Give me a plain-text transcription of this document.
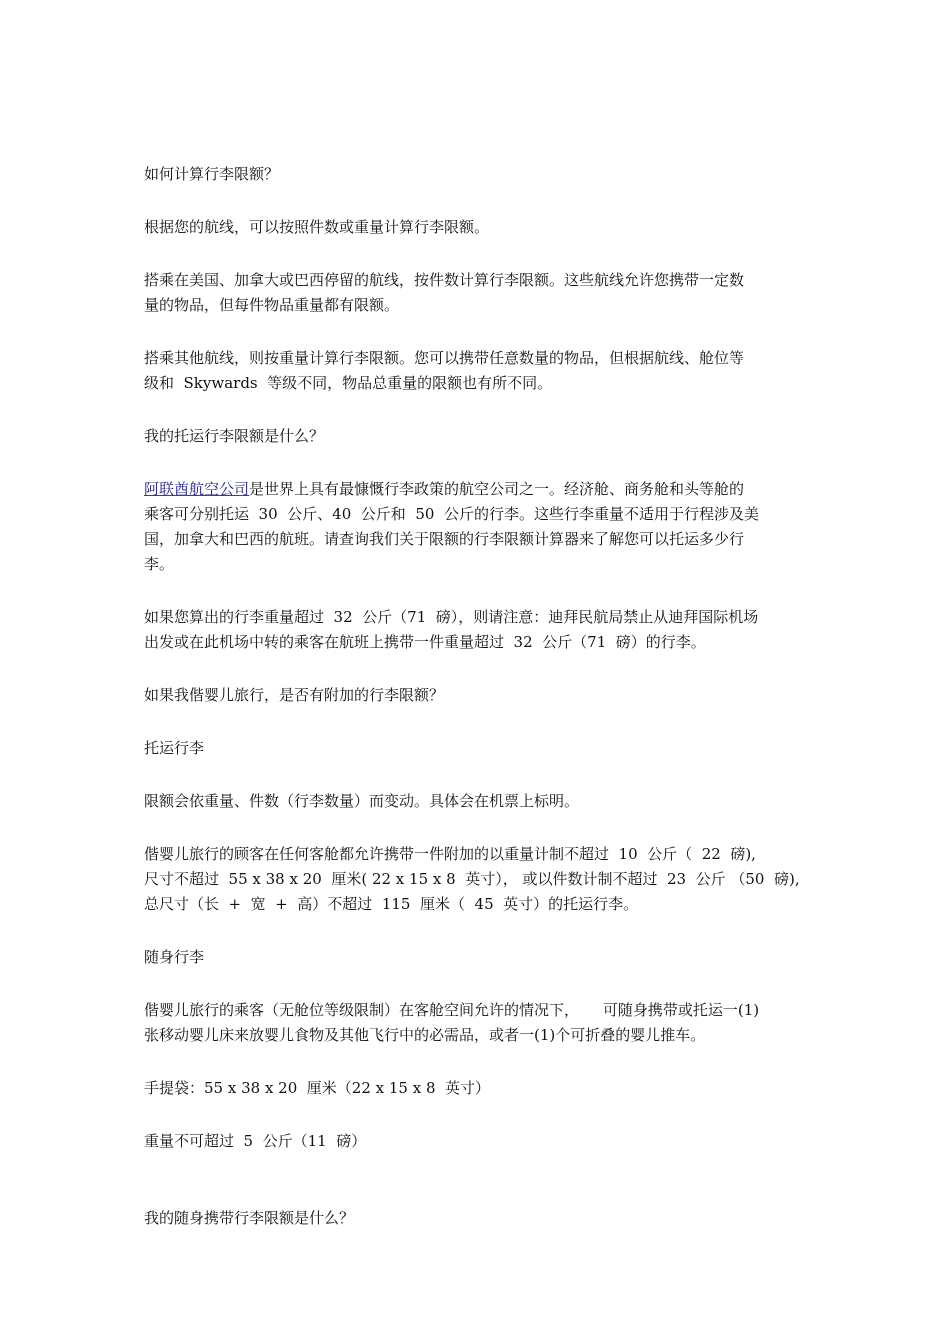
如何计算行李限额？
根据您的航线，可以按照件数或重量计算行李限额。
搭乘在美国、加拿大或巴西停留的航线，按件数计算行李限额。这些航线允许您携带一定数
量的物品，但每件物品重量都有限额。
搭乘其他航线，则按重量计算行李限额。您可以携带任意数量的物品，但根据航线、舱位等
级和  Skywards  等级不同，物品总重量的限额也有所不同。
我的托运行李限额是什么？
阿联酋航空公司是世界上具有最慷慨行李政策的航空公司之一。经济舱、商务舱和头等舱的
乘客可分别托运  30  公斤、40  公斤和  50  公斤的行李。这些行李重量不适用于行程涉及美
国，加拿大和巴西的航班。请查询我们关于限额的行李限额计算器来了解您可以托运多少行
李。
如果您算出的行李重量超过  32  公斤（71  磅），则请注意：迪拜民航局禁止从迪拜国际机场
出发或在此机场中转的乘客在航班上携带一件重量超过  32  公斤（71  磅）的行李。
如果我偕婴儿旅行，是否有附加的行李限额？
托运行李
限额会依重量、件数（行李数量）而变动。具体会在机票上标明。
偕婴儿旅行的顾客在任何客舱都允许携带一件附加的以重量计制不超过  10  公斤（  22  磅),
尺寸不超过  55 x 38 x 20  厘米( 22 x 15 x 8  英寸）， 或以件数计制不超过  23  公斤 （50  磅),
总尺寸（长  +  宽  +  高）不超过  115  厘米（  45  英寸）的托运行李。
随身行李
偕婴儿旅行的乘客（无舱位等级限制）在客舱空间允许的情况下，     可随身携带或托运一(1)
张移动婴儿床来放婴儿食物及其他飞行中的必需品，或者一(1)个可折叠的婴儿推车。
手提袋：55 x 38 x 20  厘米（22 x 15 x 8  英寸）
重量不可超过  5  公斤（11  磅）
我的随身携带行李限额是什么？
